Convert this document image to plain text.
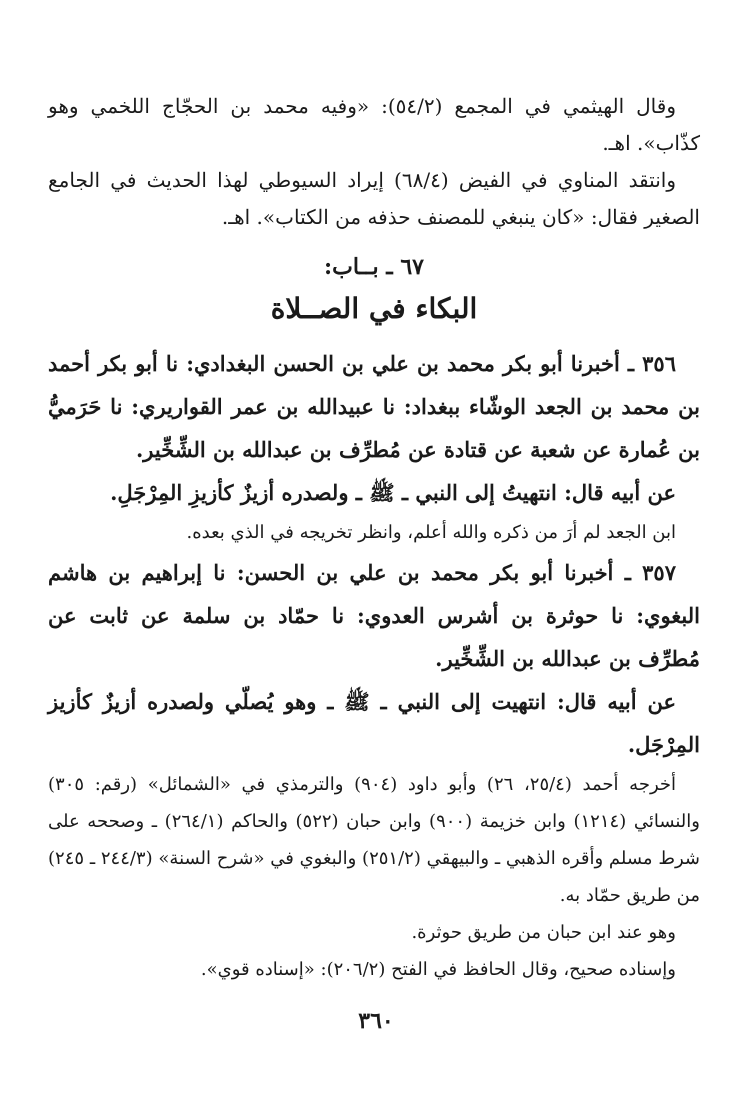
وقال الهيثمي في المجمع (٥٤/٢): «وفيه محمد بن الحجّاج اللخمي وهو كذّاب». اهـ.

وانتقد المناوي في الفيض (٦٨/٤) إيراد السيوطي لهذا الحديث في الجامع الصغير فقال: «كان ينبغي للمصنف حذفه من الكتاب». اهـ.

٦٧ ـ بــاب:
البكاء في الصــلاة

٣٥٦ ـ أخبرنا أبو بكر محمد بن علي بن الحسن البغدادي: نا أبو بكر أحمد بن محمد بن الجعد الوشّاء ببغداد: نا عبيدالله بن عمر القواريري: نا حَرَميُّ بن عُمارة عن شعبة عن قتادة عن مُطرِّف بن عبدالله بن الشِّخِّير.

عن أبيه قال: انتهيتُ إلى النبي ـ ﷺ ـ ولصدره أزيزٌ كأزيزِ المِرْجَلِ.

ابن الجعد لم أرَ من ذكره والله أعلم، وانظر تخريجه في الذي بعده.

٣٥٧ ـ أخبرنا أبو بكر محمد بن علي بن الحسن: نا إبراهيم بن هاشم البغوي: نا حوثرة بن أشرس العدوي: نا حمّاد بن سلمة عن ثابت عن مُطرِّف بن عبدالله بن الشِّخِّير.

عن أبيه قال: انتهيت إلى النبي ـ ﷺ ـ وهو يُصلّي ولصدره أزيزٌ كأزيز المِرْجَل.

أخرجه أحمد (٢٥/٤، ٢٦) وأبو داود (٩٠٤) والترمذي في «الشمائل» (رقم: ٣٠٥) والنسائي (١٢١٤) وابن خزيمة (٩٠٠) وابن حبان (٥٢٢) والحاكم (٢٦٤/١) ـ وصححه على شرط مسلم وأقره الذهبي ـ والبيهقي (٢٥١/٢) والبغوي في «شرح السنة» (٢٤٤/٣ ـ ٢٤٥) من طريق حمّاد به.

وهو عند ابن حبان من طريق حوثرة.

وإسناده صحيح، وقال الحافظ في الفتح (٢٠٦/٢): «إسناده قوي».

٣٦٠
